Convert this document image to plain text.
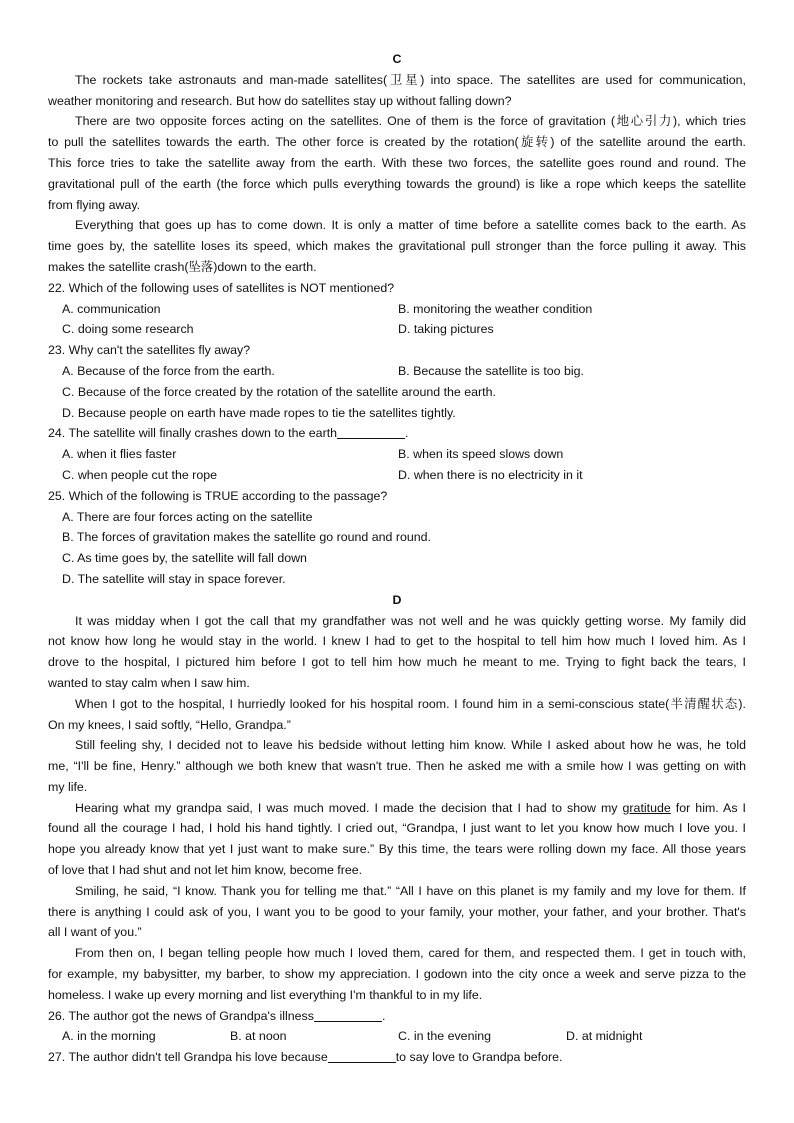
C
The rockets take astronauts and man-made satellites(卫星) into space. The satellites are used for communication,
weather monitoring and research. But how do satellites stay up without falling down?
There are two opposite forces acting on the satellites. One of them is the force of gravitation (地心引力), which tries
to pull the satellites towards the earth. The other force is created by the rotation(旋转) of the satellite around the earth.
This force tries to take the satellite away from the earth. With these two forces, the satellite goes round and round. The
gravitational pull of the earth (the force which pulls everything towards the ground) is like a rope which keeps the satellite
from flying away.
Everything that goes up has to come down. It is only a matter of time before a satellite comes back to the earth. As
time goes by, the satellite loses its speed, which makes the gravitational pull stronger than the force pulling it away. This
makes the satellite crash(坠落)down to the earth.
22. Which of the following uses of satellites is NOT mentioned?
A. communication	B. monitoring the weather condition
C. doing some research	D. taking pictures
23. Why can't the satellites fly away?
A. Because of the force from the earth.	B. Because the satellite is too big.
C. Because of the force created by the rotation of the satellite around the earth.
D. Because people on earth have made ropes to tie the satellites tightly.
24. The satellite will finally crashes down to the earth	.
A. when it flies faster	B. when its speed slows down
C. when people cut the rope	D. when there is no electricity in it
25. Which of the following is TRUE according to the passage?
A. There are four forces acting on the satellite
B. The forces of gravitation makes the satellite go round and round.
C. As time goes by, the satellite will fall down
D. The satellite will stay in space forever.
D
It was midday when I got the call that my grandfather was not well and he was quickly getting worse. My family did
not know how long he would stay in the world. I knew I had to get to the hospital to tell him how much I loved him. As I
drove to the hospital, I pictured him before I got to tell him how much he meant to me. Trying to fight back the tears, I
wanted to stay calm when I saw him.
When I got to the hospital, I hurriedly looked for his hospital room. I found him in a semi-conscious state(半清醒状态).
On my knees, I said softly, “Hello, Grandpa.”
Still feeling shy, I decided not to leave his bedside without letting him know. While I asked about how he was, he told
me, “I'll be fine, Henry.” although we both knew that wasn't true. Then he asked me with a smile how I was getting on with
my life.
Hearing what my grandpa said, I was much moved. I made the decision that I had to show my gratitude for him. As I
found all the courage I had, I hold his hand tightly. I cried out, “Grandpa, I just want to let you know how much I love you. I
hope you already know that yet I just want to make sure.” By this time, the tears were rolling down my face. All those years
of love that I had shut and not let him know, become free.
Smiling, he said, “I know. Thank you for telling me that.” “All I have on this planet is my family and my love for them. If
there is anything I could ask of you, I want you to be good to your family, your mother, your father, and your brother. That's
all I want of you.”
From then on, I began telling people how much I loved them, cared for them, and respected them. I get in touch with,
for example, my babysitter, my barber, to show my appreciation. I godown into the city once a week and serve pizza to the
homeless. I wake up every morning and list everything I'm thankful to in my life.
26. The author got the news of Grandpa's illness	.
A. in the morning	B. at noon	C. in the evening	D. at midnight
27. The author didn't tell Grandpa his love because	to say love to Grandpa before.
